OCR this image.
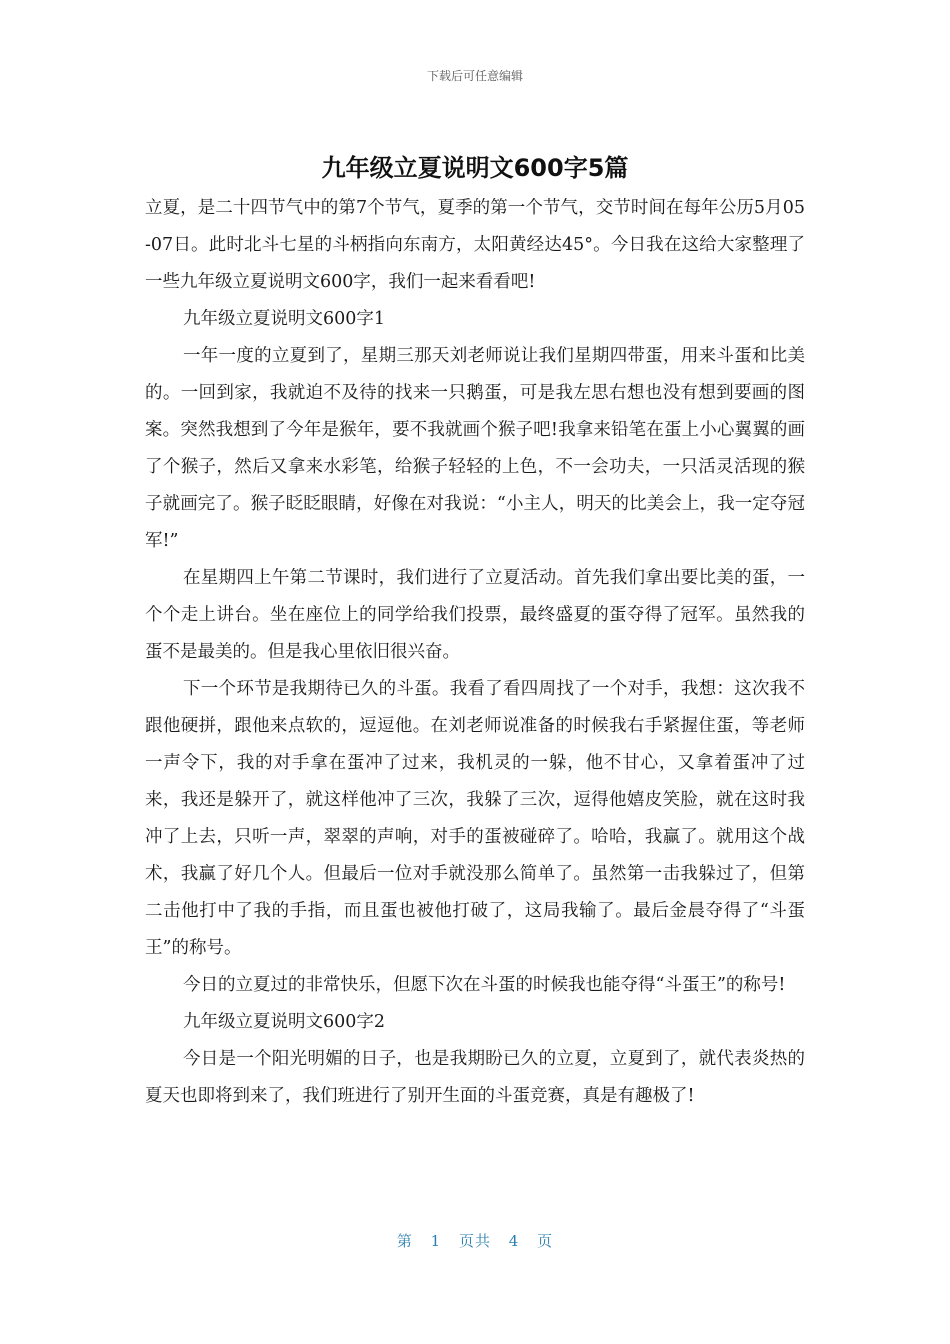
下载后可任意编辑
九年级立夏说明文600字5篇

立夏，是二十四节气中的第7个节气，夏季的第一个节气，交节时间在每年公历5月05-07日。此时北斗七星的斗柄指向东南方，太阳黄经达45°。今日我在这给大家整理了一些九年级立夏说明文600字，我们一起来看看吧!

九年级立夏说明文600字1

一年一度的立夏到了，星期三那天刘老师说让我们星期四带蛋，用来斗蛋和比美的。一回到家，我就迫不及待的找来一只鹅蛋，可是我左思右想也没有想到要画的图案。突然我想到了今年是猴年，要不我就画个猴子吧!我拿来铅笔在蛋上小心翼翼的画了个猴子，然后又拿来水彩笔，给猴子轻轻的上色，不一会功夫，一只活灵活现的猴子就画完了。猴子眨眨眼睛，好像在对我说：“小主人，明天的比美会上，我一定夺冠军!”

在星期四上午第二节课时，我们进行了立夏活动。首先我们拿出要比美的蛋，一个个走上讲台。坐在座位上的同学给我们投票，最终盛夏的蛋夺得了冠军。虽然我的蛋不是最美的。但是我心里依旧很兴奋。

下一个环节是我期待已久的斗蛋。我看了看四周找了一个对手，我想：这次我不跟他硬拼，跟他来点软的，逗逗他。在刘老师说准备的时候我右手紧握住蛋，等老师一声令下，我的对手拿在蛋冲了过来，我机灵的一躲，他不甘心，又拿着蛋冲了过来，我还是躲开了，就这样他冲了三次，我躲了三次，逗得他嬉皮笑脸，就在这时我冲了上去，只听一声，翠翠的声响，对手的蛋被碰碎了。哈哈，我赢了。就用这个战术，我赢了好几个人。但最后一位对手就没那么简单了。虽然第一击我躲过了，但第二击他打中了我的手指，而且蛋也被他打破了，这局我输了。最后金晨夺得了“斗蛋王”的称号。

今日的立夏过的非常快乐，但愿下次在斗蛋的时候我也能夺得“斗蛋王”的称号!

九年级立夏说明文600字2

今日是一个阳光明媚的日子，也是我期盼已久的立夏，立夏到了，就代表炎热的夏天也即将到来了，我们班进行了别开生面的斗蛋竞赛，真是有趣极了!

第 1 页共 4 页
